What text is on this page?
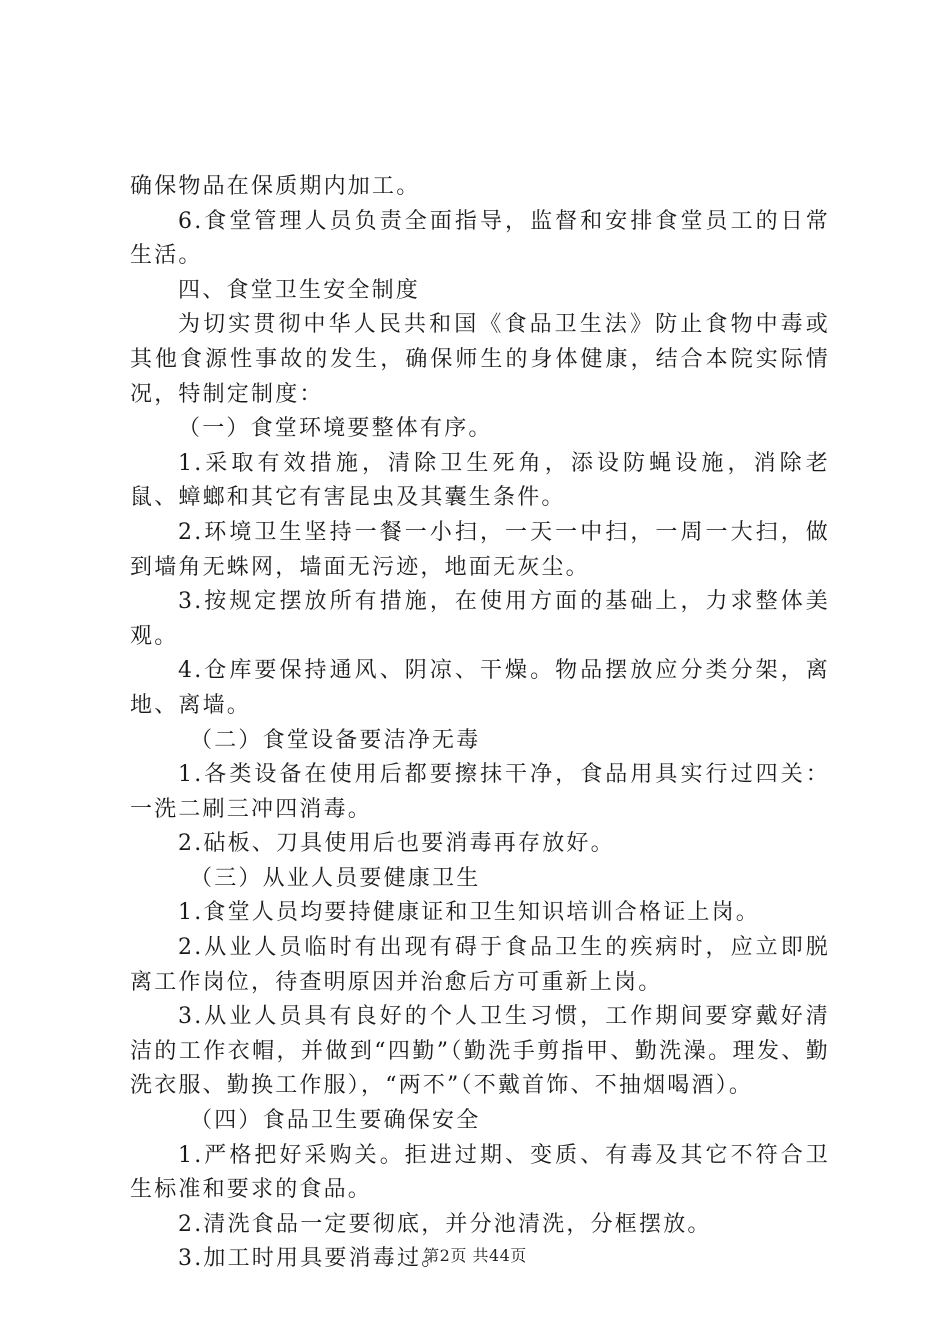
确保物品在保质期内加工。

6.食堂管理人员负责全面指导，监督和安排食堂员工的日常生活。

四、食堂卫生安全制度

为切实贯彻中华人民共和国《食品卫生法》防止食物中毒或其他食源性事故的发生，确保师生的身体健康，结合本院实际情况，特制定制度：

（一）食堂环境要整体有序。

1.采取有效措施，清除卫生死角，添设防蝇设施，消除老鼠、蟑螂和其它有害昆虫及其囊生条件。

2.环境卫生坚持一餐一小扫，一天一中扫，一周一大扫，做到墙角无蛛网，墙面无污迹，地面无灰尘。

3.按规定摆放所有措施，在使用方面的基础上，力求整体美观。

4.仓库要保持通风、阴凉、干燥。物品摆放应分类分架，离地、离墙。

（二）食堂设备要洁净无毒

1.各类设备在使用后都要擦抹干净，食品用具实行过四关：一洗二刷三冲四消毒。

2.砧板、刀具使用后也要消毒再存放好。

（三）从业人员要健康卫生

1.食堂人员均要持健康证和卫生知识培训合格证上岗。

2.从业人员临时有出现有碍于食品卫生的疾病时，应立即脱离工作岗位，待查明原因并治愈后方可重新上岗。

3.从业人员具有良好的个人卫生习惯，工作期间要穿戴好清洁的工作衣帽，并做到“四勤”（勤洗手剪指甲、勤洗澡。理发、勤洗衣服、勤换工作服），“两不”（不戴首饰、不抽烟喝酒）。

（四）食品卫生要确保安全

1.严格把好采购关。拒进过期、变质、有毒及其它不符合卫生标准和要求的食品。

2.清洗食品一定要彻底，并分池清洗，分框摆放。

3.加工时用具要消毒过。

第2页 共44页
